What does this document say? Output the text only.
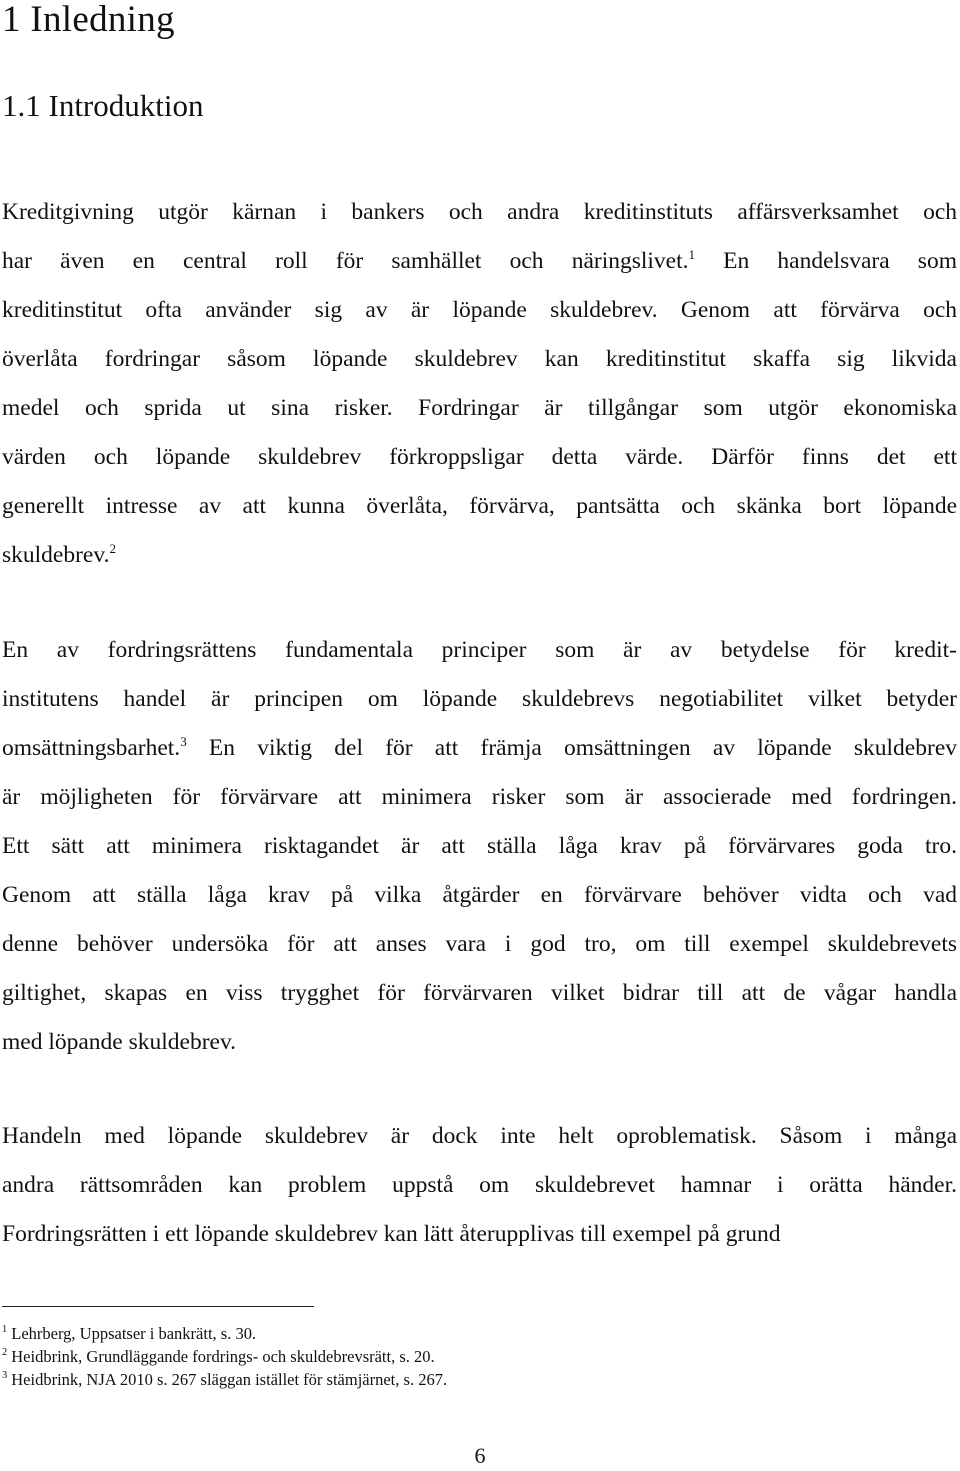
1 Inledning
1.1 Introduktion
Kreditgivning utgör kärnan i bankers och andra kreditinstituts affärsverksamhet och
har även en central roll för samhället och näringslivet.$^1$ En handelsvara som
kreditinstitut ofta använder sig av är löpande skuldebrev. Genom att förvärva och
överlåta fordringar såsom löpande skuldebrev kan kreditinstitut skaffa sig likvida
medel och sprida ut sina risker. Fordringar är tillgångar som utgör ekonomiska
värden och löpande skuldebrev förkroppsligar detta värde. Därför finns det ett
generellt intresse av att kunna överlåta, förvärva, pantsätta och skänka bort löpande
skuldebrev.$^2$
En av fordringsrättens fundamentala principer som är av betydelse för kredit-
institutens handel är principen om löpande skuldebrevs negotiabilitet vilket betyder
omsättningsbarhet.$^3$ En viktig del för att främja omsättningen av löpande skuldebrev
är möjligheten för förvärvare att minimera risker som är associerade med fordringen.
Ett sätt att minimera risktagandet är att ställa låga krav på förvärvares goda tro.
Genom att ställa låga krav på vilka åtgärder en förvärvare behöver vidta och vad
denne behöver undersöka för att anses vara i god tro, om till exempel skuldebrevets
giltighet, skapas en viss trygghet för förvärvaren vilket bidrar till att de vågar handla
med löpande skuldebrev.
Handeln med löpande skuldebrev är dock inte helt oproblematisk. Såsom i många
andra rättsområden kan problem uppstå om skuldebrevet hamnar i orätta händer.
Fordringsrätten i ett löpande skuldebrev kan lätt återupplivas till exempel på grund
$^1$ Lehrberg, Uppsatser i bankrätt, s. 30.
$^2$ Heidbrink, Grundläggande fordrings- och skuldebrevsrätt, s. 20.
$^3$ Heidbrink, NJA 2010 s. 267 släggan istället för stämjärnet, s. 267.
6
